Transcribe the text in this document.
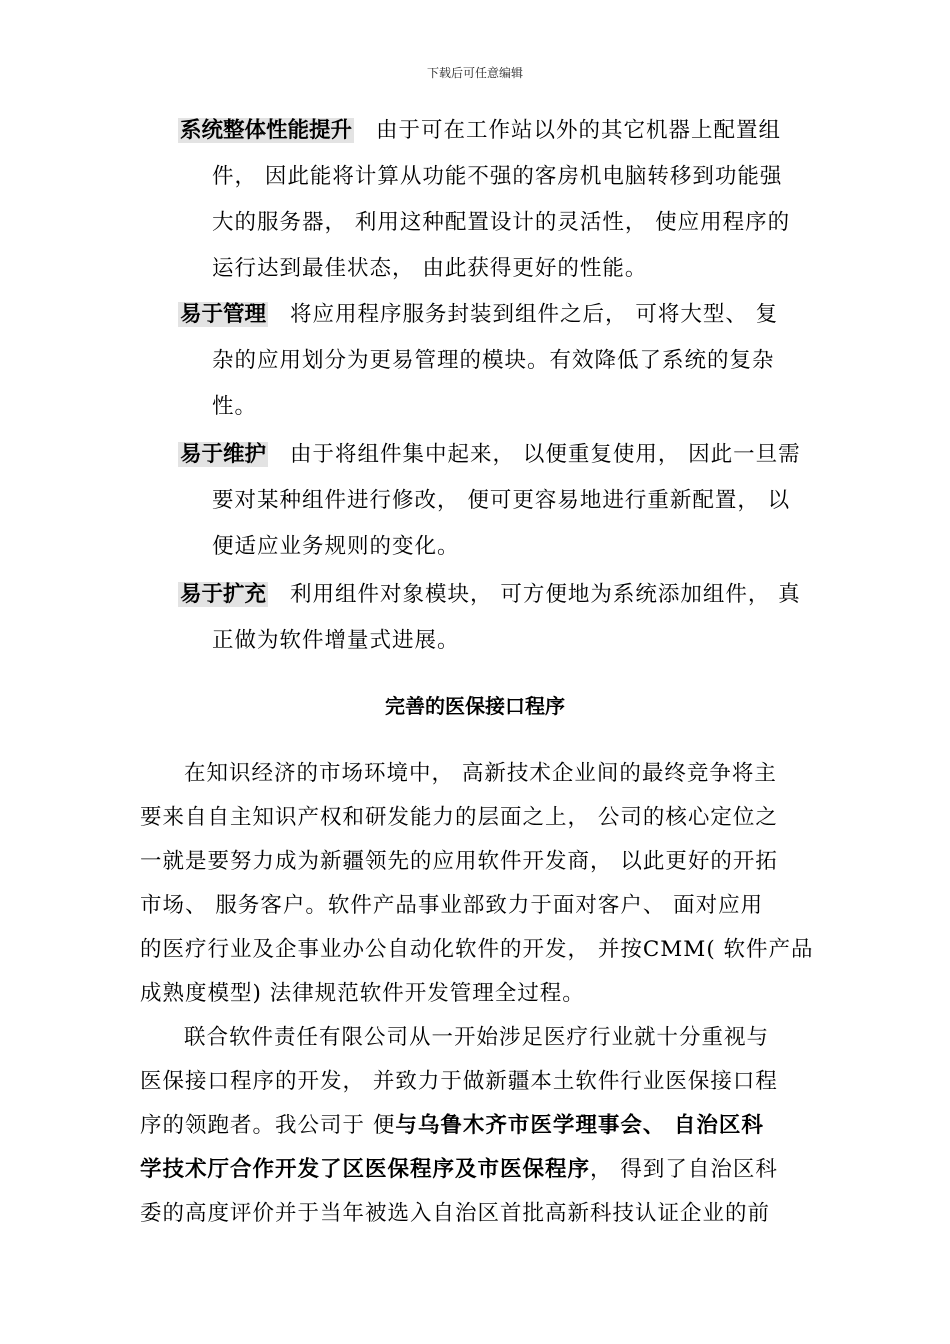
下载后可任意编辑
系统整体性能提升 由于可在工作站以外的其它机器上配置组
件， 因此能将计算从功能不强的客房机电脑转移到功能强
大的服务器， 利用这种配置设计的灵活性， 使应用程序的
运行达到最佳状态， 由此获得更好的性能。
易于管理 将应用程序服务封装到组件之后， 可将大型、 复
杂的应用划分为更易管理的模块。有效降低了系统的复杂
性。
易于维护 由于将组件集中起来， 以便重复使用， 因此一旦需
要对某种组件进行修改， 便可更容易地进行重新配置， 以
便适应业务规则的变化。
易于扩充 利用组件对象模块， 可方便地为系统添加组件， 真
正做为软件增量式进展。
完善的医保接口程序
在知识经济的市场环境中， 高新技术企业间的最终竞争将主
要来自自主知识产权和研发能力的层面之上， 公司的核心定位之
一就是要努力成为新疆领先的应用软件开发商， 以此更好的开拓
市场、 服务客户。软件产品事业部致力于面对客户、 面对应用
的医疗行业及企事业办公自动化软件的开发， 并按CMM( 软件产品
成熟度模型) 法律规范软件开发管理全过程。
联合软件责任有限公司从一开始涉足医疗行业就十分重视与
医保接口程序的开发， 并致力于做新疆本土软件行业医保接口程
序的领跑者。我公司于 便与乌鲁木齐市医学理事会、 自治区科
学技术厅合作开发了区医保程序及市医保程序， 得到了自治区科
委的高度评价并于当年被选入自治区首批高新科技认证企业的前
